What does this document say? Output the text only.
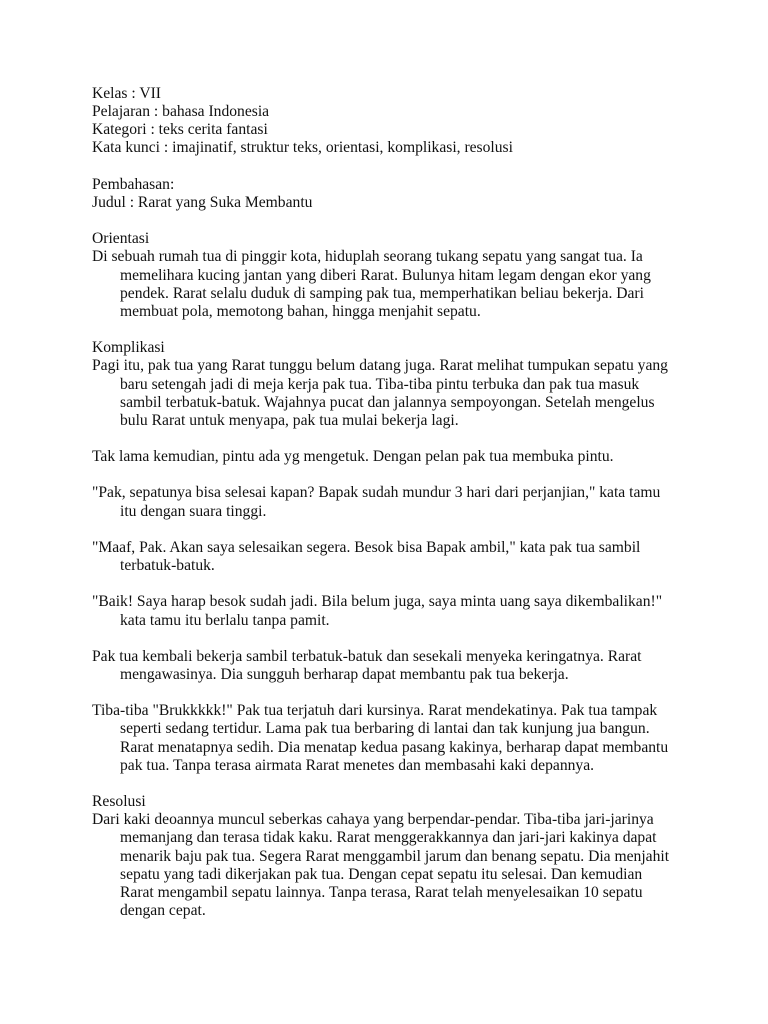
Kelas : VII
Pelajaran : bahasa Indonesia
Kategori : teks cerita fantasi
Kata kunci : imajinatif, struktur teks, orientasi, komplikasi, resolusi
Pembahasan:
Judul : Rarat yang Suka Membantu
Orientasi
Di sebuah rumah tua di pinggir kota, hiduplah seorang tukang sepatu yang sangat tua. Ia
memelihara kucing jantan yang diberi Rarat. Bulunya hitam legam dengan ekor yang
pendek. Rarat selalu duduk di samping pak tua, memperhatikan beliau bekerja. Dari
membuat pola, memotong bahan, hingga menjahit sepatu.
Komplikasi
Pagi itu, pak tua yang Rarat tunggu belum datang juga. Rarat melihat tumpukan sepatu yang
baru setengah jadi di meja kerja pak tua. Tiba-tiba pintu terbuka dan pak tua masuk
sambil terbatuk-batuk. Wajahnya pucat dan jalannya sempoyongan. Setelah mengelus
bulu Rarat untuk menyapa, pak tua mulai bekerja lagi.
Tak lama kemudian, pintu ada yg mengetuk. Dengan pelan pak tua membuka pintu.
"Pak, sepatunya bisa selesai kapan? Bapak sudah mundur 3 hari dari perjanjian," kata tamu
itu dengan suara tinggi.
"Maaf, Pak. Akan saya selesaikan segera. Besok bisa Bapak ambil," kata pak tua sambil
terbatuk-batuk.
"Baik! Saya harap besok sudah jadi. Bila belum juga, saya minta uang saya dikembalikan!"
kata tamu itu berlalu tanpa pamit.
Pak tua kembali bekerja sambil terbatuk-batuk dan sesekali menyeka keringatnya. Rarat
mengawasinya. Dia sungguh berharap dapat membantu pak tua bekerja.
Tiba-tiba "Brukkkkk!" Pak tua terjatuh dari kursinya. Rarat mendekatinya. Pak tua tampak
seperti sedang tertidur. Lama pak tua berbaring di lantai dan tak kunjung jua bangun.
Rarat menatapnya sedih. Dia menatap kedua pasang kakinya, berharap dapat membantu
pak tua. Tanpa terasa airmata Rarat menetes dan membasahi kaki depannya.
Resolusi
Dari kaki deoannya muncul seberkas cahaya yang berpendar-pendar. Tiba-tiba jari-jarinya
memanjang dan terasa tidak kaku. Rarat menggerakkannya dan jari-jari kakinya dapat
menarik baju pak tua. Segera Rarat menggambil jarum dan benang sepatu. Dia menjahit
sepatu yang tadi dikerjakan pak tua. Dengan cepat sepatu itu selesai. Dan kemudian
Rarat mengambil sepatu lainnya. Tanpa terasa, Rarat telah menyelesaikan 10 sepatu
dengan cepat.
